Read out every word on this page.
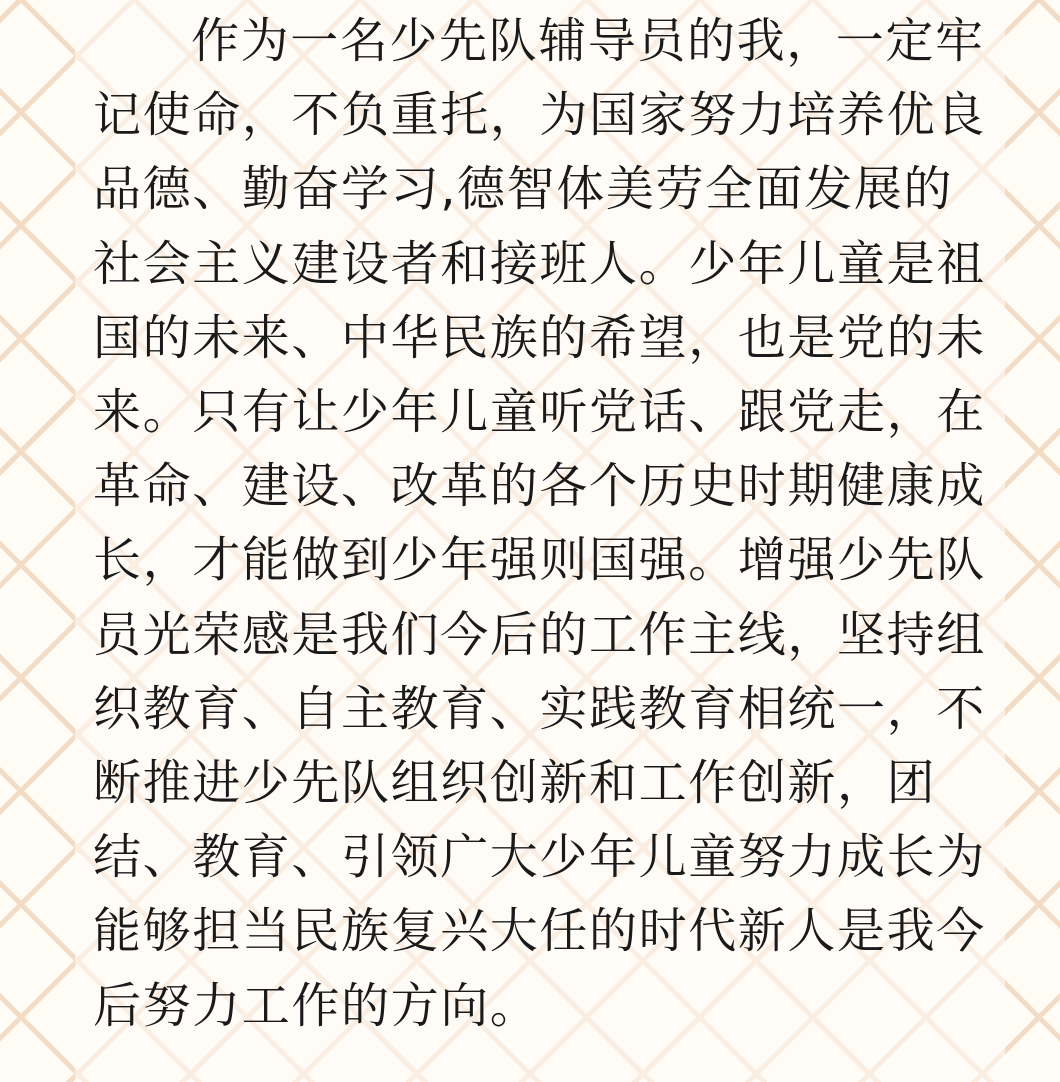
作为一名少先队辅导员的我，一定牢记使命，不负重托，为国家努力培养优良品德、勤奋学习,德智体美劳全面发展的社会主义建设者和接班人。少年儿童是祖国的未来、中华民族的希望，也是党的未来。只有让少年儿童听党话、跟党走，在革命、建设、改革的各个历史时期健康成长，才能做到少年强则国强。增强少先队员光荣感是我们今后的工作主线，坚持组织教育、自主教育、实践教育相统一，不断推进少先队组织创新和工作创新，团结、教育、引领广大少年儿童努力成长为能够担当民族复兴大任的时代新人是我今后努力工作的方向。
